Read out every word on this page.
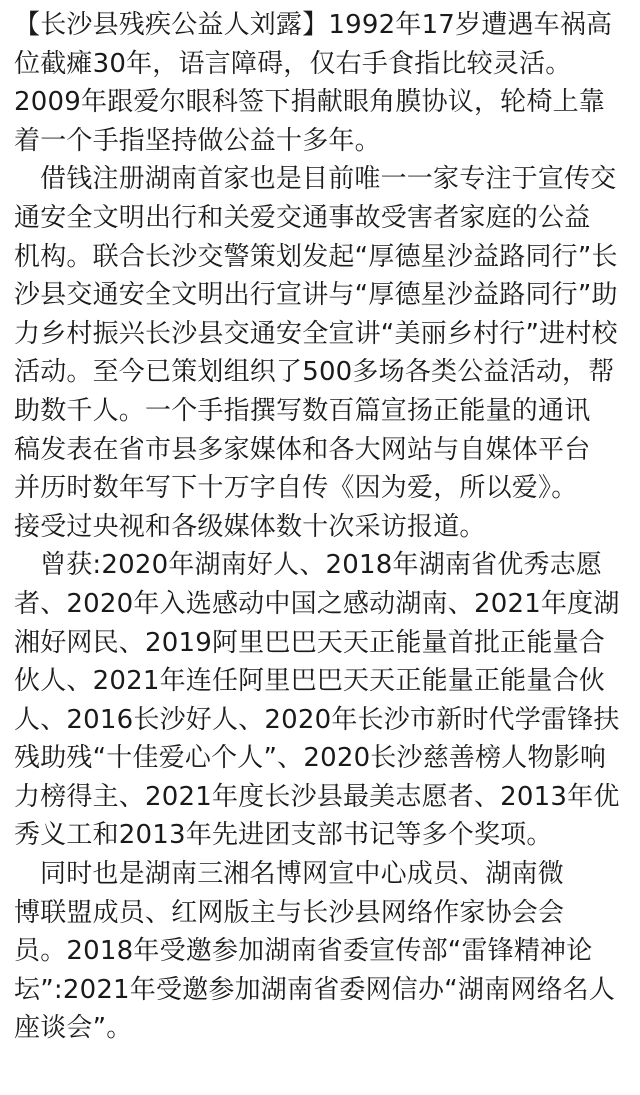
【长沙县残疾公益人刘露】1992年17岁遭遇车祸高
位截瘫30年，语言障碍，仅右手食指比较灵活。
2009年跟爱尔眼科签下捐献眼角膜协议，轮椅上靠
着一个手指坚持做公益十多年。
借钱注册湖南首家也是目前唯一一家专注于宣传交
通安全文明出行和关爱交通事故受害者家庭的公益
机构。联合长沙交警策划发起“厚德星沙益路同行”长
沙县交通安全文明出行宣讲与“厚德星沙益路同行”助
力乡村振兴长沙县交通安全宣讲“美丽乡村行”进村校
活动。至今已策划组织了500多场各类公益活动，帮
助数千人。一个手指撰写数百篇宣扬正能量的通讯
稿发表在省市县多家媒体和各大网站与自媒体平台
并历时数年写下十万字自传《因为爱，所以爱》。
接受过央视和各级媒体数十次采访报道。
曾获:2020年湖南好人、2018年湖南省优秀志愿
者、2020年入选感动中国之感动湖南、2021年度湖
湘好网民、2019阿里巴巴天天正能量首批正能量合
伙人、2021年连任阿里巴巴天天正能量正能量合伙
人、2016长沙好人、2020年长沙市新时代学雷锋扶
残助残“十佳爱心个人”、2020长沙慈善榜人物影响
力榜得主、2021年度长沙县最美志愿者、2013年优
秀义工和2013年先进团支部书记等多个奖项。
同时也是湖南三湘名博网宣中心成员、湖南微
博联盟成员、红网版主与长沙县网络作家协会会
员。2018年受邀参加湖南省委宣传部“雷锋精神论
坛”:2021年受邀参加湖南省委网信办“湖南网络名人
座谈会”。
